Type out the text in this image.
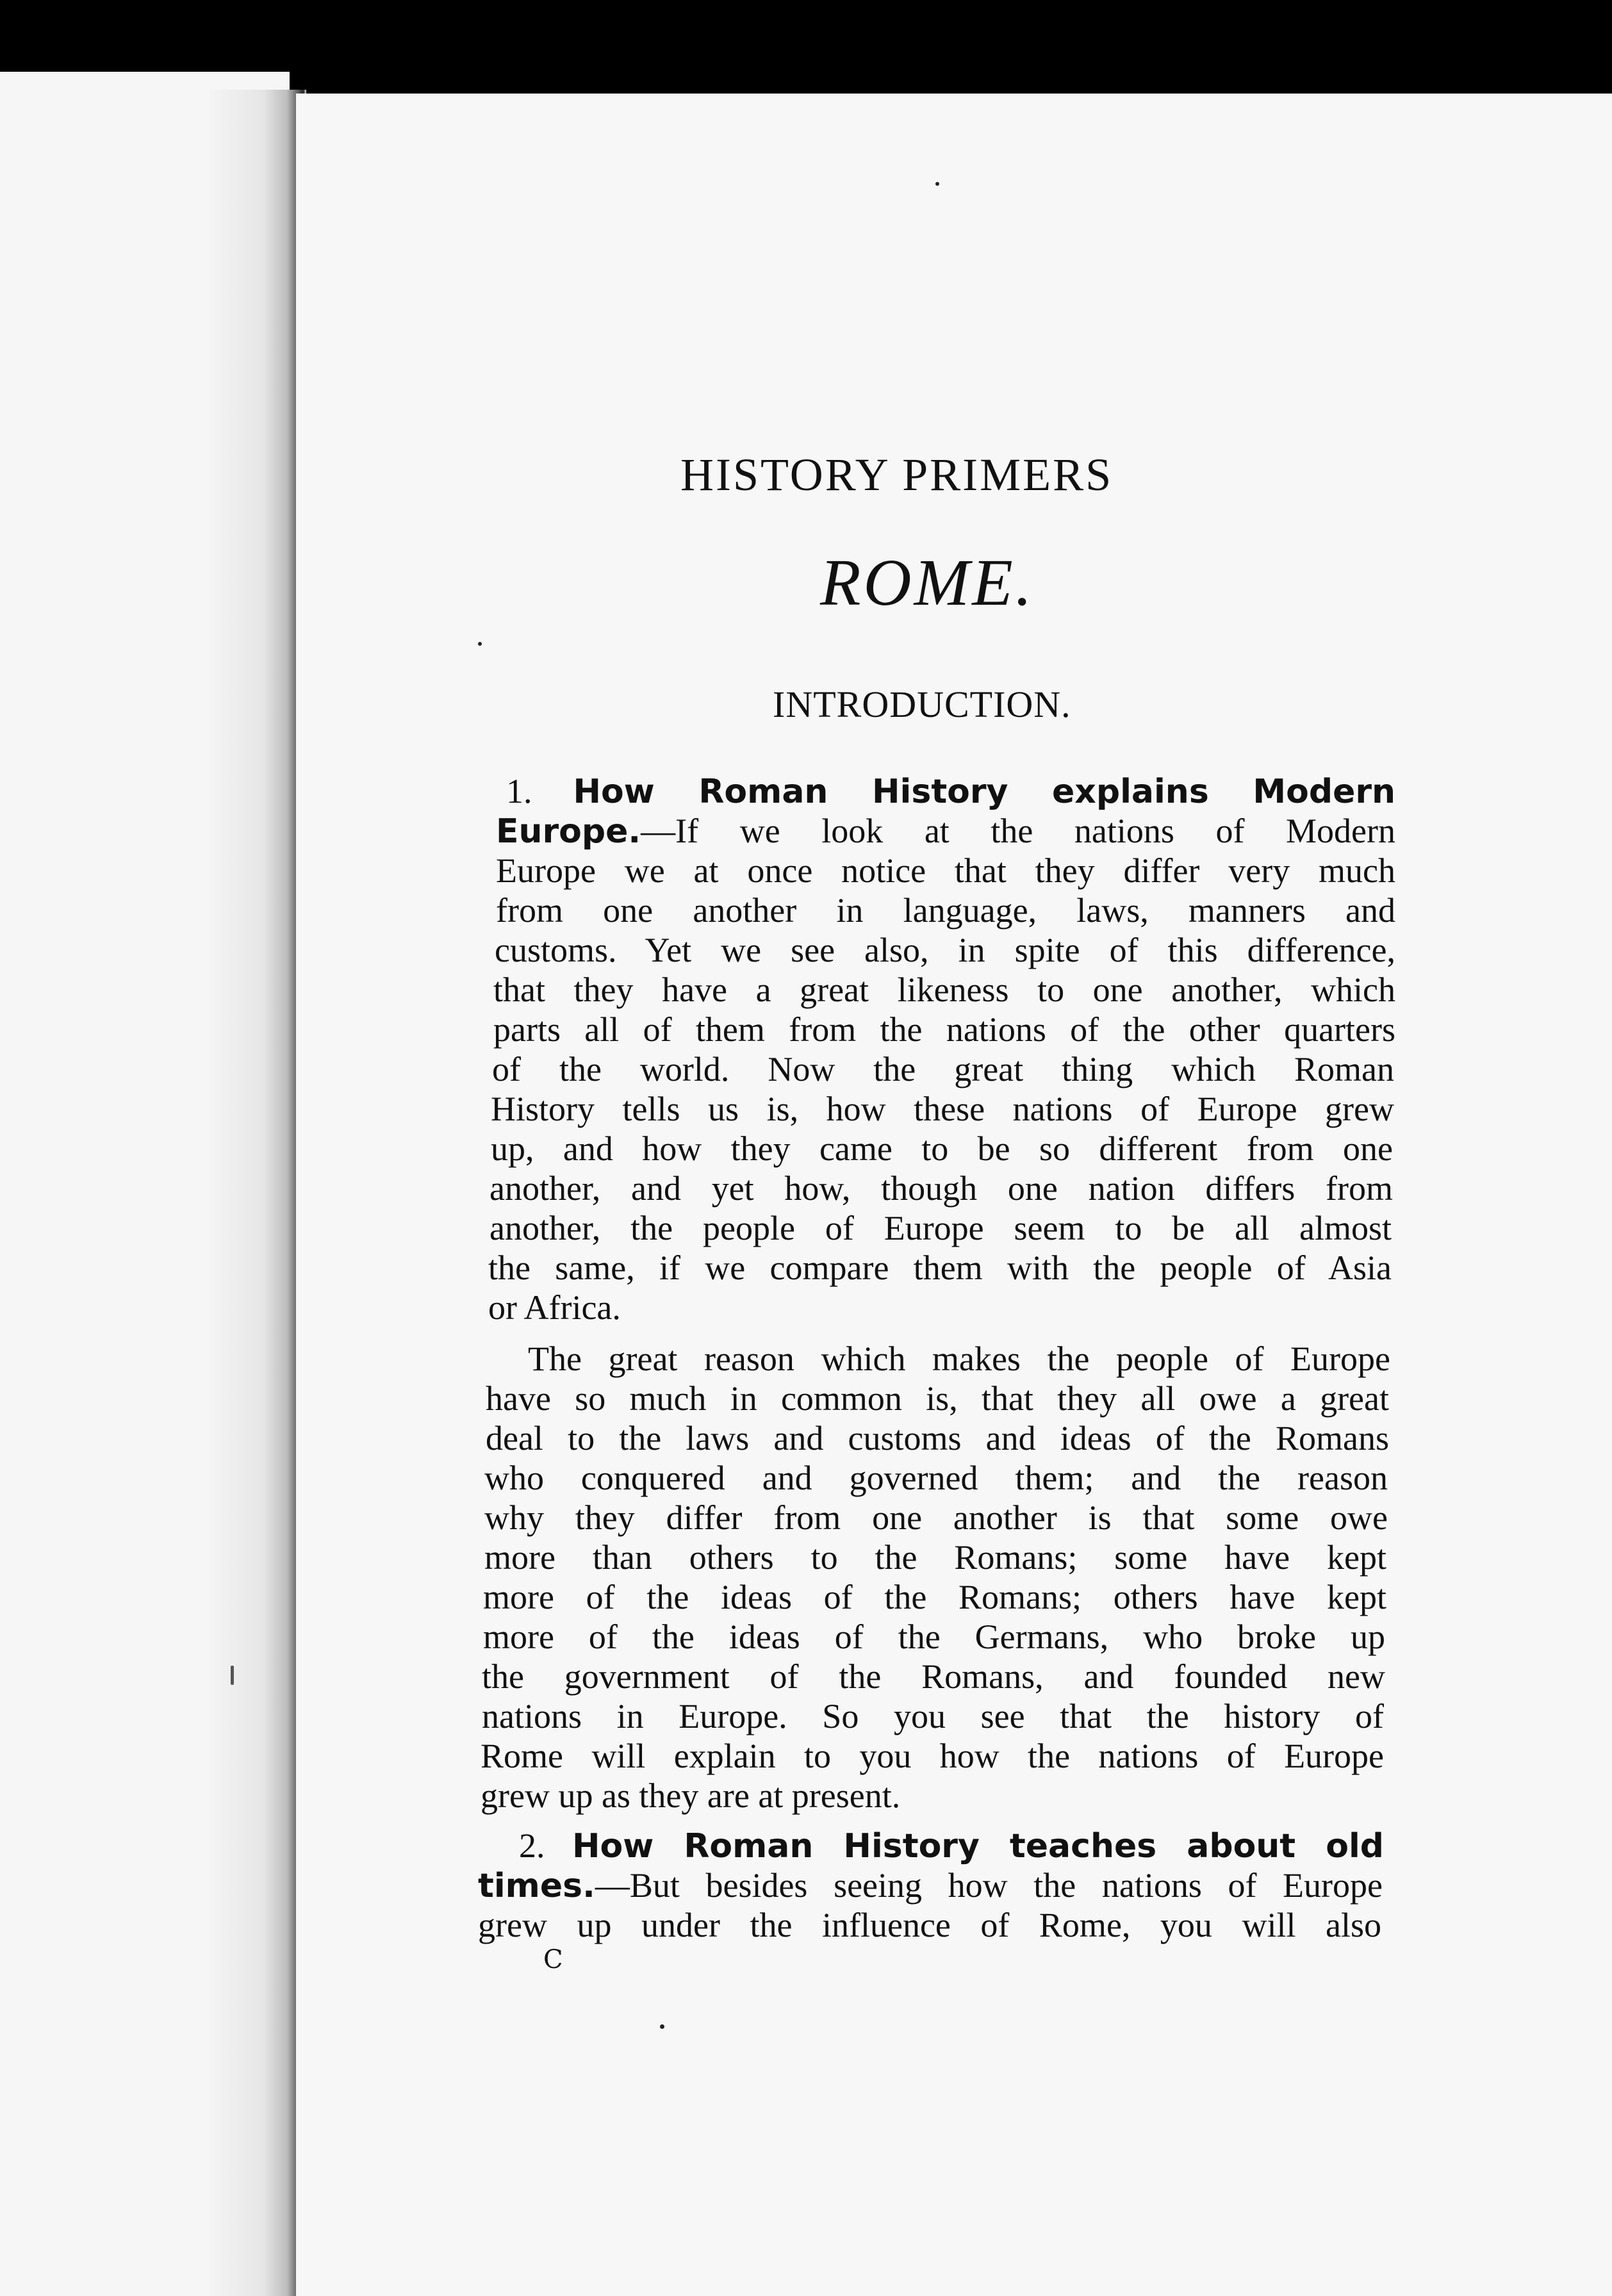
HISTORY PRIMERS
ROME.
INTRODUCTION.
1. How Roman History explains Modern
Europe.—If we look at the nations of Modern
Europe we at once notice that they differ very much
from one another in language, laws, manners and
customs. Yet we see also, in spite of this difference,
that they have a great likeness to one another, which
parts all of them from the nations of the other quarters
of the world. Now the great thing which Roman
History tells us is, how these nations of Europe grew
up, and how they came to be so different from one
another, and yet how, though one nation differs from
another, the people of Europe seem to be all almost
the same, if we compare them with the people of Asia
or Africa.
The great reason which makes the people of Europe
have so much in common is, that they all owe a great
deal to the laws and customs and ideas of the Romans
who conquered and governed them; and the reason
why they differ from one another is that some owe
more than others to the Romans; some have kept
more of the ideas of the Romans; others have kept
more of the ideas of the Germans, who broke up
the government of the Romans, and founded new
nations in Europe. So you see that the history of
Rome will explain to you how the nations of Europe
grew up as they are at present.
2. How Roman History teaches about old
times.—But besides seeing how the nations of Europe
grew up under the influence of Rome, you will also
C
